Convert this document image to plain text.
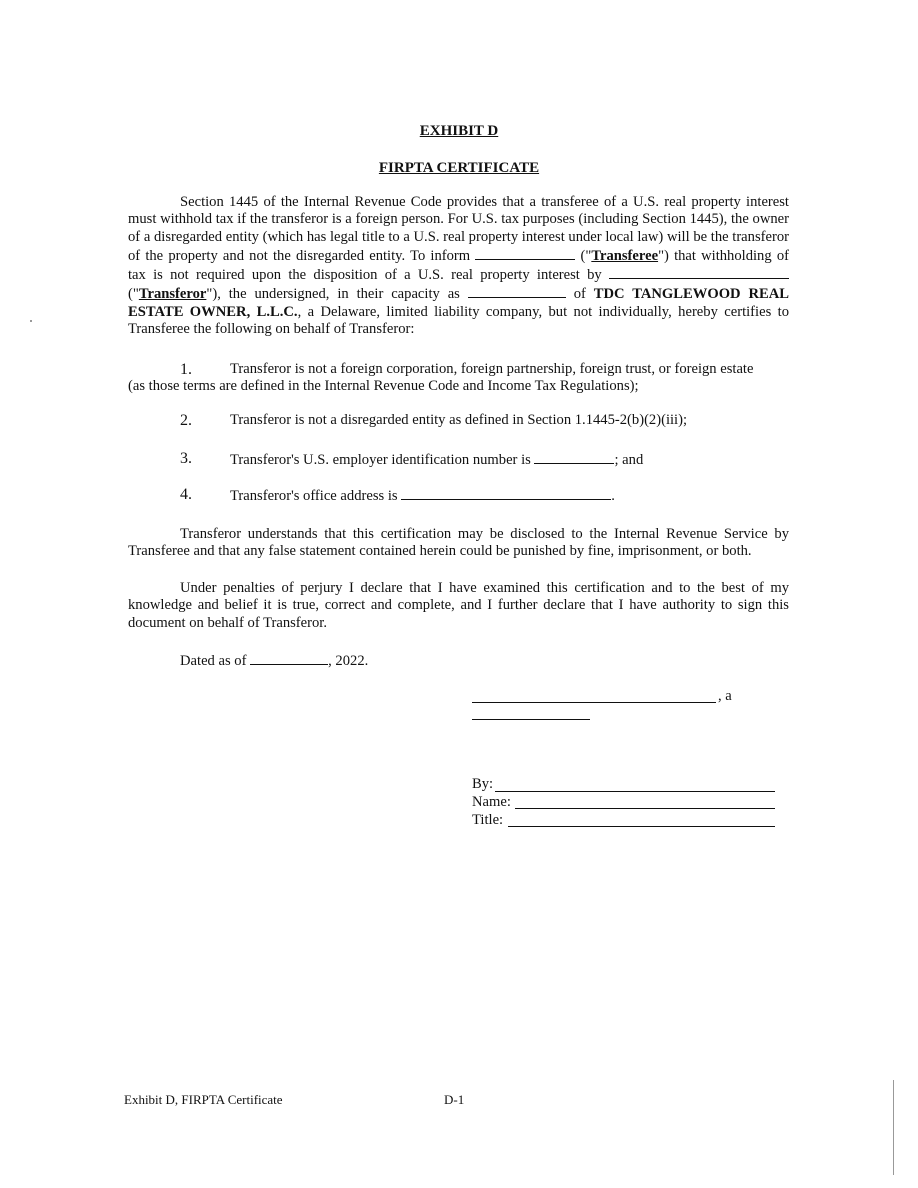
EXHIBIT D
FIRPTA CERTIFICATE
Section 1445 of the Internal Revenue Code provides that a transferee of a U.S. real property interest must withhold tax if the transferor is a foreign person. For U.S. tax purposes (including Section 1445), the owner of a disregarded entity (which has legal title to a U.S. real property interest under local law) will be the transferor of the property and not the disregarded entity. To inform	("Transferee") that withholding of tax is not required upon the disposition of a U.S. real property interest by  ("Transferor"), the undersigned, in their capacity as	of TDC TANGLEWOOD REAL ESTATE OWNER, L.L.C., a Delaware, limited liability company, but not individually, hereby certifies to Transferee the following on behalf of Transferor:
1.	Transferor is not a foreign corporation, foreign partnership, foreign trust, or foreign estate
(as those terms are defined in the Internal Revenue Code and Income Tax Regulations);
2.	Transferor is not a disregarded entity as defined in Section 1.1445-2(b)(2)(iii);
3.	Transferor's U.S. employer identification number is	; and
4.	Transferor's office address is	.
Transferor understands that this certification may be disclosed to the Internal Revenue Service by Transferee and that any false statement contained herein could be punished by fine, imprisonment, or both.
Under penalties of perjury I declare that I have examined this certification and to the best of my knowledge and belief it is true, correct and complete, and I further declare that I have authority to sign this document on behalf of Transferor.
Dated as of	, 2022.
, a
By:
Name:
Title:
Exhibit D, FIRPTA Certificate	D-1
